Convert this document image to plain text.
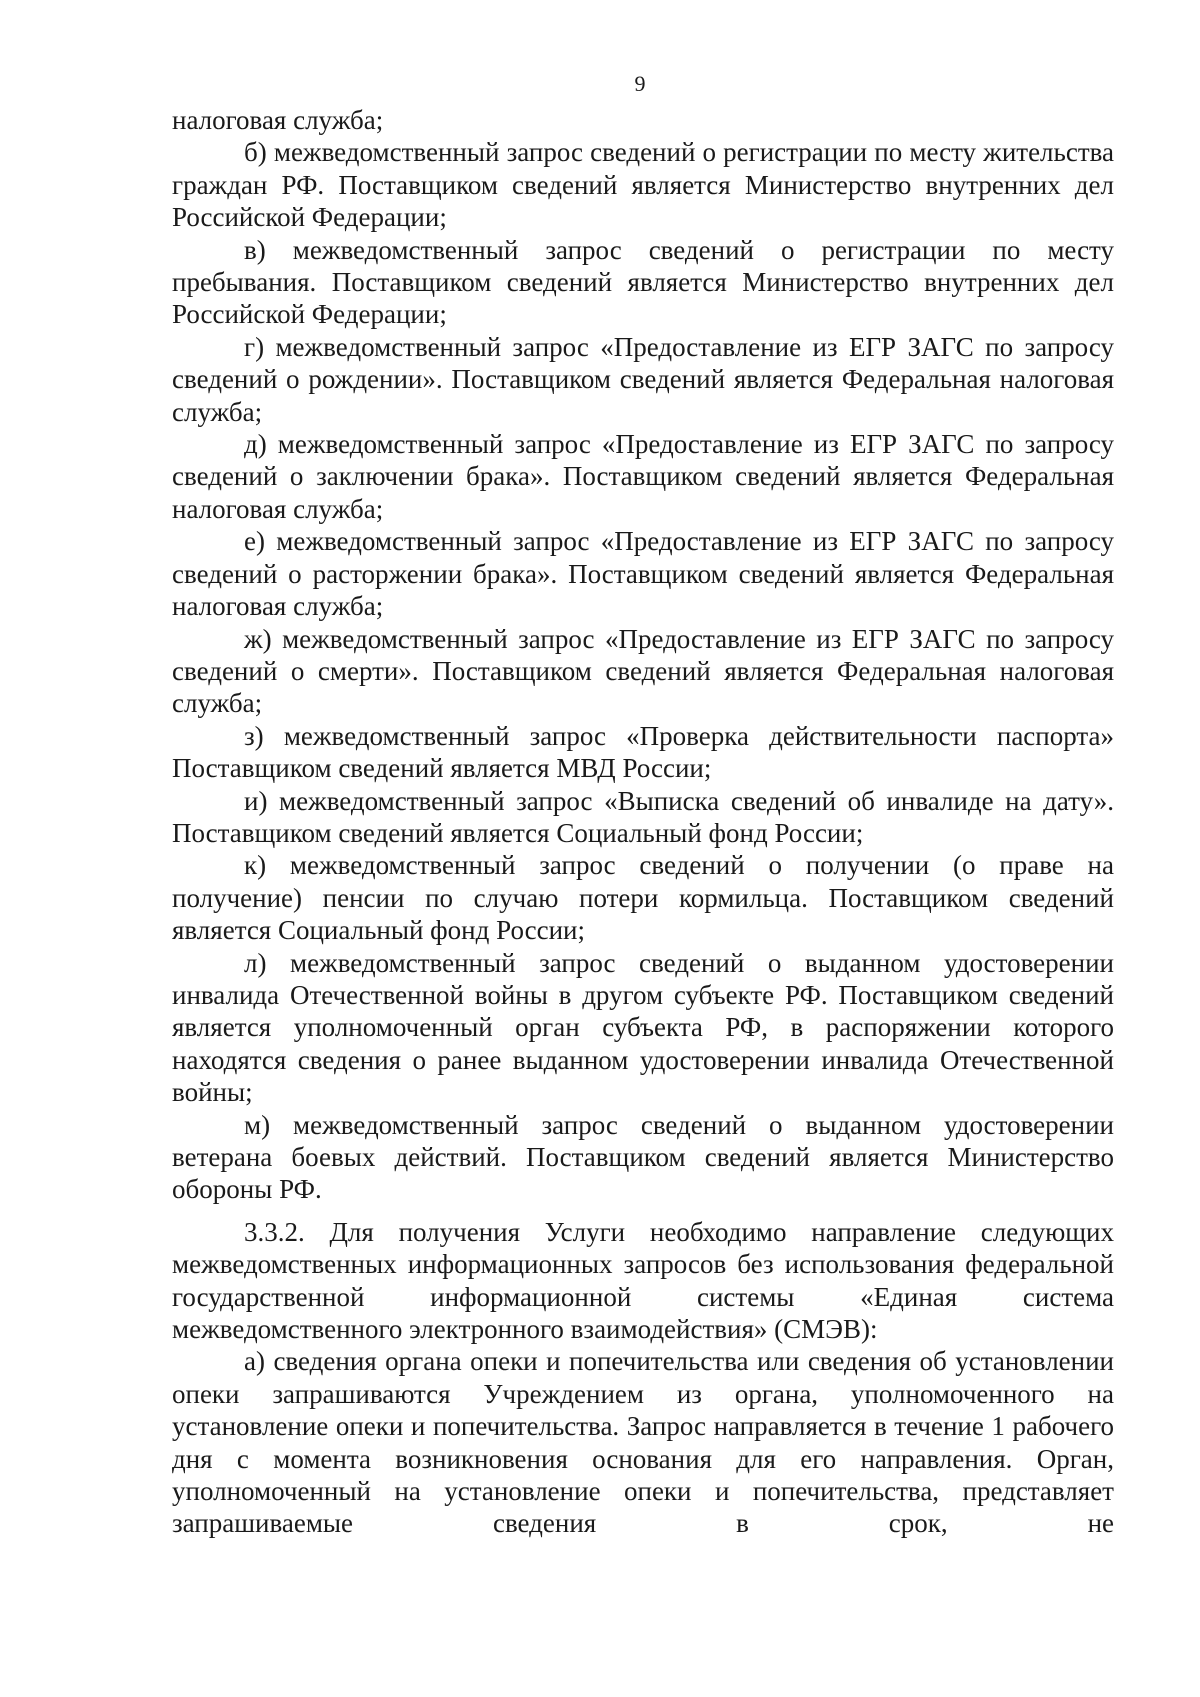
9

налоговая служба;

б) межведомственный запрос сведений о регистрации по месту жительства граждан РФ. Поставщиком сведений является Министерство внутренних дел Российской Федерации;

в) межведомственный запрос сведений о регистрации по месту пребывания. Поставщиком сведений является Министерство внутренних дел Российской Федерации;

г) межведомственный запрос «Предоставление из ЕГР ЗАГС по запросу сведений о рождении». Поставщиком сведений является Федеральная налоговая служба;

д) межведомственный запрос «Предоставление из ЕГР ЗАГС по запросу сведений о заключении брака». Поставщиком сведений является Федеральная налоговая служба;

е) межведомственный запрос «Предоставление из ЕГР ЗАГС по запросу сведений о расторжении брака». Поставщиком сведений является Федеральная налоговая служба;

ж) межведомственный запрос «Предоставление из ЕГР ЗАГС по запросу сведений о смерти». Поставщиком сведений является Федеральная налоговая служба;

з) межведомственный запрос «Проверка действительности паспорта» Поставщиком сведений является МВД России;

и) межведомственный запрос «Выписка сведений об инвалиде на дату». Поставщиком сведений является Социальный фонд России;

к) межведомственный запрос сведений о получении (о праве на получение) пенсии по случаю потери кормильца. Поставщиком сведений является Социальный фонд России;

л) межведомственный запрос сведений о выданном удостоверении инвалида Отечественной войны в другом субъекте РФ. Поставщиком сведений является уполномоченный орган субъекта РФ, в распоряжении которого находятся сведения о ранее выданном удостоверении инвалида Отечественной войны;

м) межведомственный запрос сведений о выданном удостоверении ветерана боевых действий. Поставщиком сведений является Министерство обороны РФ.

3.3.2. Для получения Услуги необходимо направление следующих межведомственных информационных запросов без использования федеральной государственной информационной системы «Единая система межведомственного электронного взаимодействия» (СМЭВ):

а) сведения органа опеки и попечительства или сведения об установлении опеки запрашиваются Учреждением из органа, уполномоченного на установление опеки и попечительства. Запрос направляется в течение 1 рабочего дня с момента возникновения основания для его направления. Орган, уполномоченный на установление опеки и попечительства, представляет запрашиваемые сведения в срок, не
